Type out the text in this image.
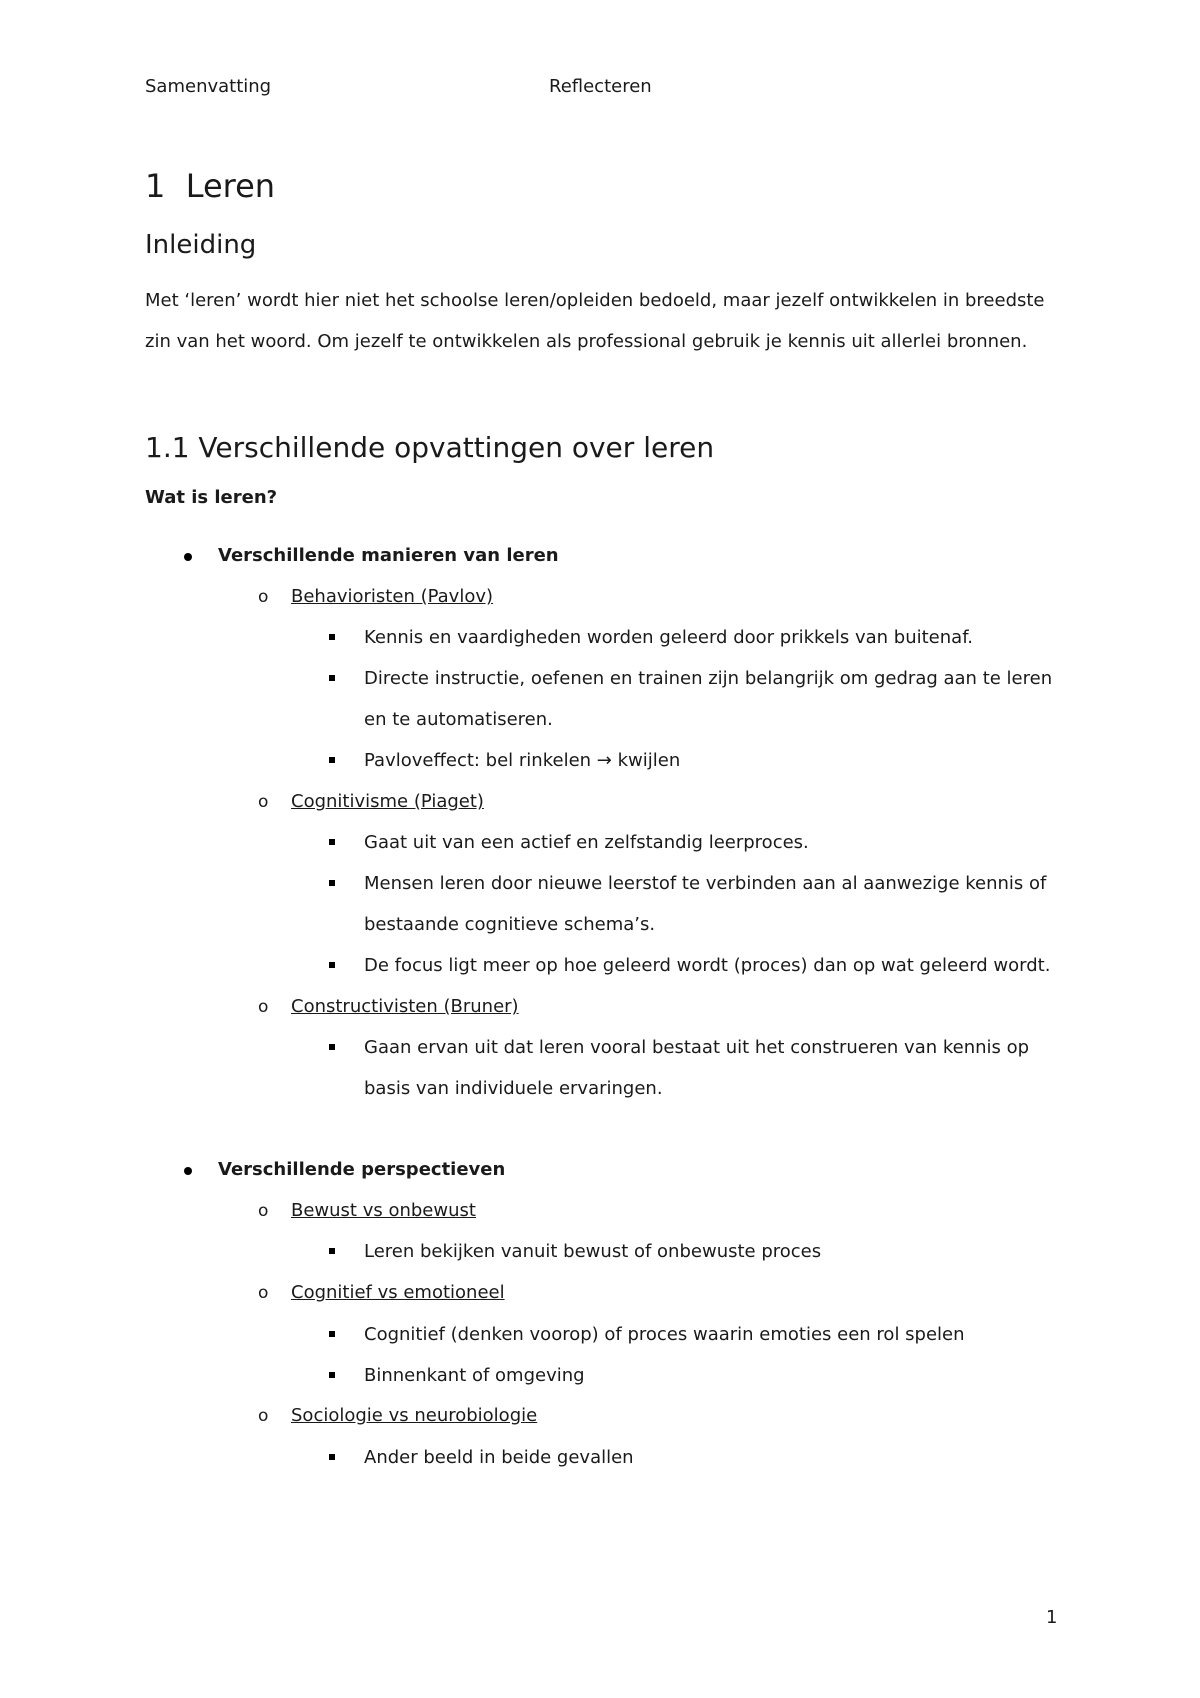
Samenvatting	Reflecteren
1  Leren
Inleiding

Met ‘leren’ wordt hier niet het schoolse leren/opleiden bedoeld, maar jezelf ontwikkelen in breedste zin van het woord. Om jezelf te ontwikkelen als professional gebruik je kennis uit allerlei bronnen.

1.1 Verschillende opvattingen over leren
Wat is leren?
Verschillende manieren van leren
o Behavioristen (Pavlov)
Kennis en vaardigheden worden geleerd door prikkels van buitenaf.
Directe instructie, oefenen en trainen zijn belangrijk om gedrag aan te leren
en te automatiseren.
Pavloveffect: bel rinkelen → kwijlen
o Cognitivisme (Piaget)
Gaat uit van een actief en zelfstandig leerproces.
Mensen leren door nieuwe leerstof te verbinden aan al aanwezige kennis of
bestaande cognitieve schema’s.
De focus ligt meer op hoe geleerd wordt (proces) dan op wat geleerd wordt.
o Constructivisten (Bruner)
Gaan ervan uit dat leren vooral bestaat uit het construeren van kennis op
basis van individuele ervaringen.
Verschillende perspectieven
o Bewust vs onbewust
Leren bekijken vanuit bewust of onbewuste proces
o Cognitief vs emotioneel
Cognitief (denken voorop) of proces waarin emoties een rol spelen
Binnenkant of omgeving
o Sociologie vs neurobiologie
Ander beeld in beide gevallen
1
